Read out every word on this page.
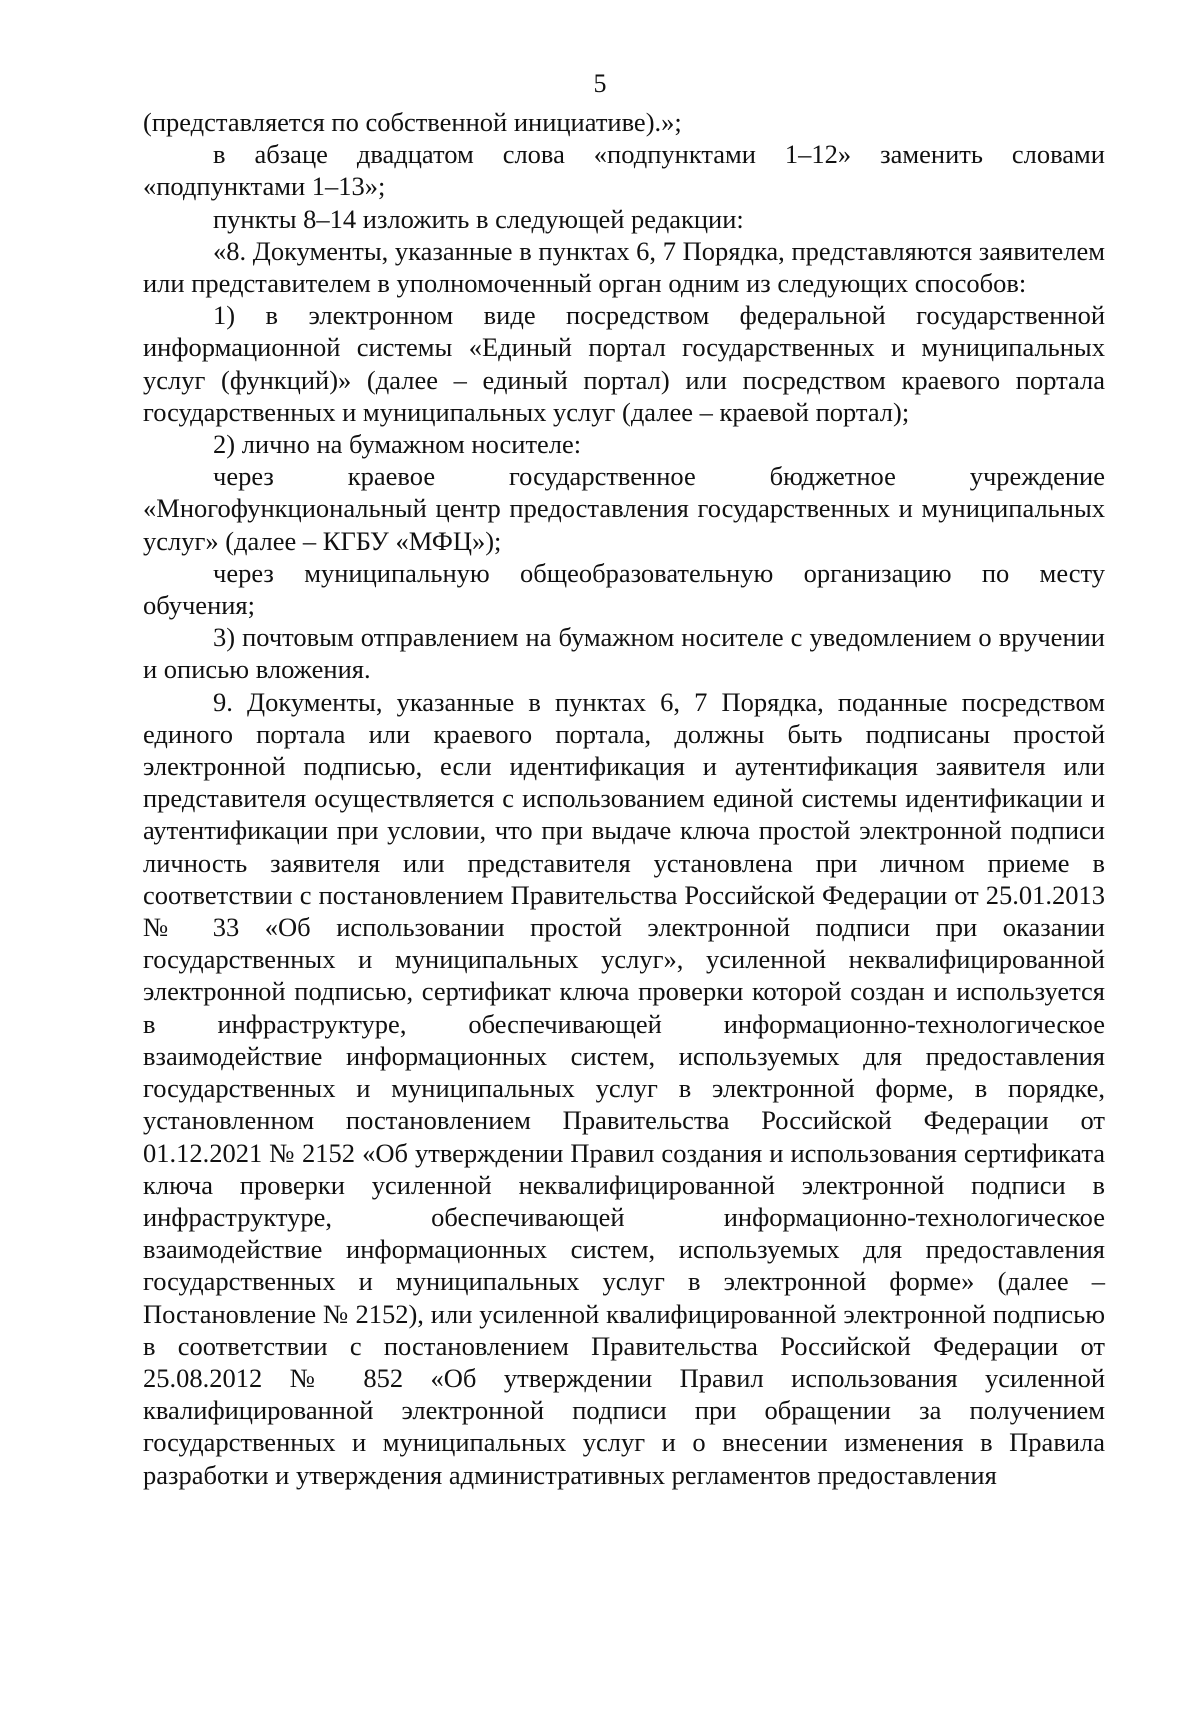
5

(представляется по собственной инициативе).»;

в абзаце двадцатом слова «подпунктами 1–12» заменить словами «подпунктами 1–13»;

пункты 8–14 изложить в следующей редакции:

«8. Документы, указанные в пунктах 6, 7 Порядка, представляются заявителем или представителем в уполномоченный орган одним из следующих способов:

1) в электронном виде посредством федеральной государственной информационной системы «Единый портал государственных и муниципальных услуг (функций)» (далее – единый портал) или посредством краевого портала государственных и муниципальных услуг (далее – краевой портал);

2) лично на бумажном носителе:

через краевое государственное бюджетное учреждение «Многофункциональный центр предоставления государственных и муниципальных услуг» (далее – КГБУ «МФЦ»);

через муниципальную общеобразовательную организацию по месту обучения;

3) почтовым отправлением на бумажном носителе с уведомлением о вручении и описью вложения.

9. Документы, указанные в пунктах 6, 7 Порядка, поданные посредством единого портала или краевого портала, должны быть подписаны простой электронной подписью, если идентификация и аутентификация заявителя или представителя осуществляется с использованием единой системы идентификации и аутентификации при условии, что при выдаче ключа простой электронной подписи личность заявителя или представителя установлена при личном приеме в соответствии с постановлением Правительства Российской Федерации от 25.01.2013 № 33 «Об использовании простой электронной подписи при оказании государственных и муниципальных услуг», усиленной неквалифицированной электронной подписью, сертификат ключа проверки которой создан и используется в инфраструктуре, обеспечивающей информационно-технологическое взаимодействие информационных систем, используемых для предоставления государственных и муниципальных услуг в электронной форме, в порядке, установленном постановлением Правительства Российской Федерации от 01.12.2021 № 2152 «Об утверждении Правил создания и использования сертификата ключа проверки усиленной неквалифицированной электронной подписи в инфраструктуре, обеспечивающей информационно-технологическое взаимодействие информационных систем, используемых для предоставления государственных и муниципальных услуг в электронной форме» (далее – Постановление № 2152), или усиленной квалифицированной электронной подписью в соответствии с постановлением Правительства Российской Федерации от 25.08.2012 № 852 «Об утверждении Правил использования усиленной квалифицированной электронной подписи при обращении за получением государственных и муниципальных услуг и о внесении изменения в Правила разработки и утверждения административных регламентов предоставления
